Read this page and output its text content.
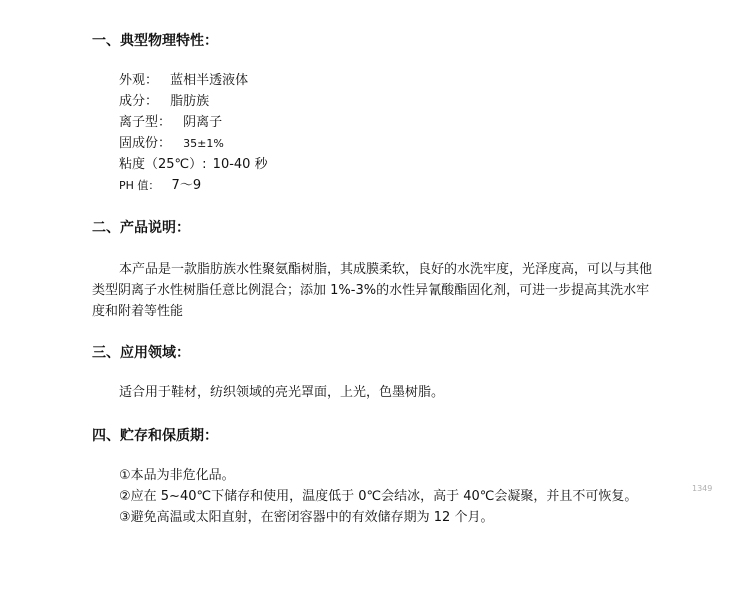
一、典型物理特性：
外观： 蓝相半透液体
成分： 脂肪族
离子型： 阴离子
固成份： 35±1%
粘度（25℃）: 10-40 秒
PH 值： 7～9
二、产品说明：
本产品是一款脂肪族水性聚氨酯树脂，其成膜柔软，良好的水洗牢度，光泽度高，可以与其他类型阴离子水性树脂任意比例混合；添加 1%-3%的水性异氰酸酯固化剂，可进一步提高其洗水牢度和附着等性能
三、应用领域：
适合用于鞋材，纺织领域的亮光罩面，上光，色墨树脂。
四、贮存和保质期：
①本品为非危化品。
②应在 5~40℃下储存和使用，温度低于 0℃会结冰，高于 40℃会凝聚，并且不可恢复。
③避免高温或太阳直射，在密闭容器中的有效储存期为 12 个月。
1349
